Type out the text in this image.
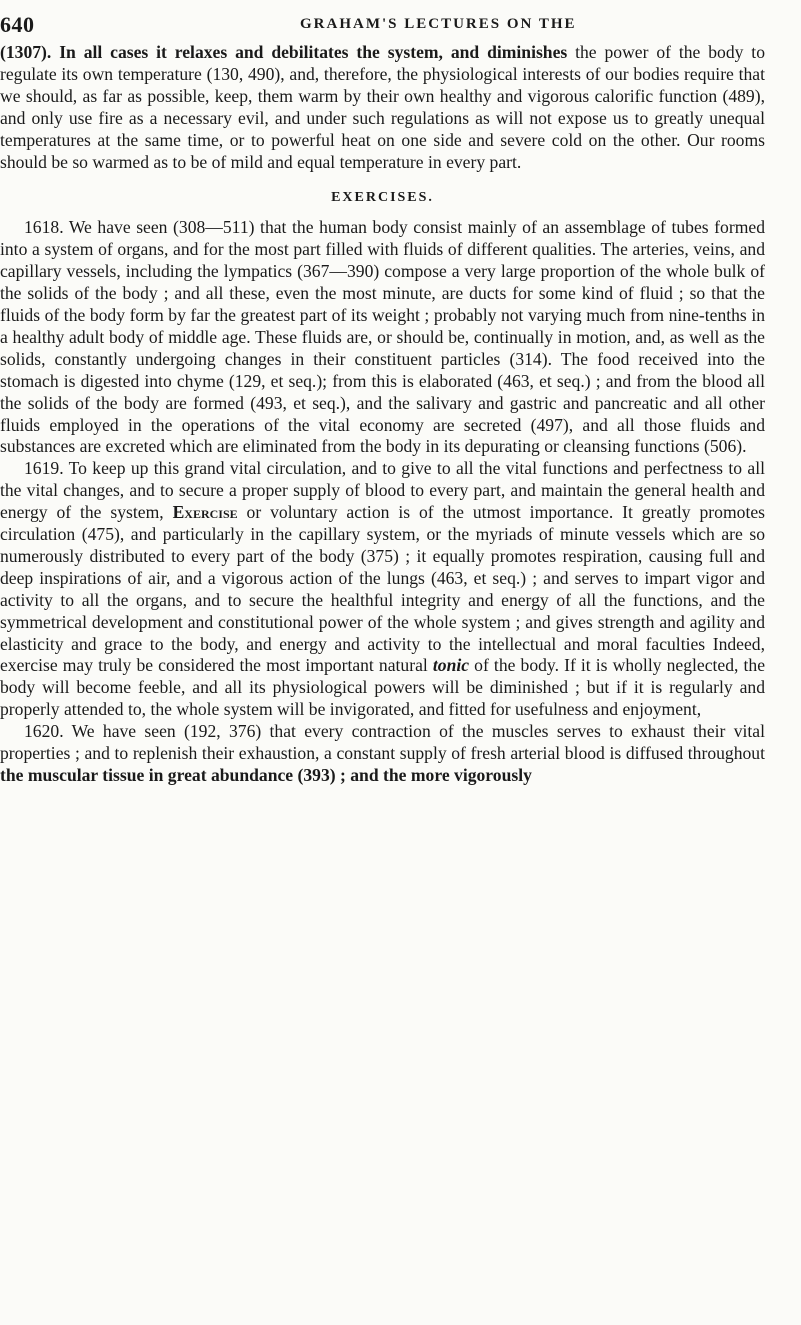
640	GRAHAM'S LECTURES ON THE

(1307). In all cases it relaxes and debilitates the system, and diminishes the power of the body to regulate its own temperature (130, 490), and, therefore, the physiological interests of our bodies require that we should, as far as possible, keep, them warm by their own healthy and vigorous calorific function (489), and only use fire as a necessary evil, and under such regulations as will not expose us to greatly unequal temperatures at the same time, or to powerful heat on one side and severe cold on the other. Our rooms should be so warmed as to be of mild and equal temperature in every part.

EXERCISES.

1618. We have seen (308—511) that the human body consist mainly of an assemblage of tubes formed into a system of organs, and for the most part filled with fluids of different qualities. The arteries, veins, and capillary vessels, including the lympatics (367—390) compose a very large proportion of the whole bulk of the solids of the body ; and all these, even the most minute, are ducts for some kind of fluid ; so that the fluids of the body form by far the greatest part of its weight ; probably not varying much from nine-tenths in a healthy adult body of middle age. These fluids are, or should be, continually in motion, and, as well as the solids, constantly undergoing changes in their constituent particles (314). The food received into the stomach is digested into chyme (129, et seq.); from this is elaborated (463, et seq.) ; and from the blood all the solids of the body are formed (493, et seq.), and the salivary and gastric and pancreatic and all other fluids employed in the operations of the vital economy are secreted (497), and all those fluids and substances are excreted which are eliminated from the body in its depurating or cleansing functions (506).

1619. To keep up this grand vital circulation, and to give to all the vital functions and perfectness to all the vital changes, and to secure a proper supply of blood to every part, and maintain the general health and energy of the system, Exercise or voluntary action is of the utmost importance. It greatly promotes circulation (475), and particularly in the capillary system, or the myriads of minute vessels which are so numerously distributed to every part of the body (375) ; it equally promotes respiration, causing full and deep inspirations of air, and a vigorous action of the lungs (463, et seq.) ; and serves to impart vigor and activity to all the organs, and to secure the healthful integrity and energy of all the functions, and the symmetrical development and constitutional power of the whole system ; and gives strength and agility and elasticity and grace to the body, and energy and activity to the intellectual and moral faculties Indeed, exercise may truly be considered the most important natural tonic of the body. If it is wholly neglected, the body will become feeble, and all its physiological powers will be diminished ; but if it is regularly and properly attended to, the whole system will be invigorated, and fitted for usefulness and enjoyment,

1620. We have seen (192, 376) that every contraction of the muscles serves to exhaust their vital properties ; and to replenish their exhaustion, a constant supply of fresh arterial blood is diffused throughout the muscular tissue in great abundance (393) ; and the more vigorously
